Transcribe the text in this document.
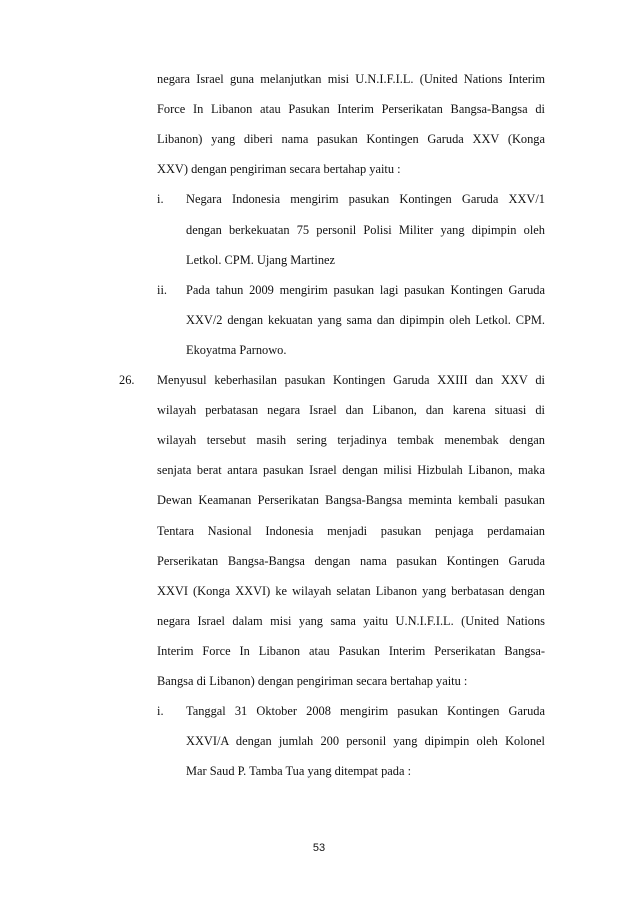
53
negara Israel guna melanjutkan misi U.N.I.F.I.L. (United Nations Interim
Force In Libanon atau Pasukan Interim Perserikatan Bangsa-Bangsa di
Libanon) yang diberi nama pasukan Kontingen Garuda XXV (Konga
XXV) dengan pengiriman secara bertahap yaitu :
i. Negara Indonesia mengirim pasukan Kontingen Garuda XXV/1
dengan berkekuatan 75 personil Polisi Militer yang dipimpin oleh
Letkol. CPM. Ujang Martinez
ii. Pada tahun 2009 mengirim pasukan lagi pasukan Kontingen Garuda
XXV/2 dengan kekuatan yang sama dan dipimpin oleh Letkol. CPM.
Ekoyatma Parnowo.
26. Menyusul keberhasilan pasukan Kontingen Garuda XXIII dan XXV di
wilayah perbatasan negara Israel dan Libanon, dan karena situasi di
wilayah tersebut masih sering terjadinya tembak menembak dengan
senjata berat antara pasukan Israel dengan milisi Hizbulah Libanon, maka
Dewan Keamanan Perserikatan Bangsa-Bangsa meminta kembali pasukan
Tentara Nasional Indonesia menjadi pasukan penjaga perdamaian
Perserikatan Bangsa-Bangsa dengan nama pasukan Kontingen Garuda
XXVI (Konga XXVI) ke wilayah selatan Libanon yang berbatasan dengan
negara Israel dalam misi yang sama yaitu U.N.I.F.I.L. (United Nations
Interim Force In Libanon atau Pasukan Interim Perserikatan Bangsa-
Bangsa di Libanon) dengan pengiriman secara bertahap yaitu :
i. Tanggal 31 Oktober 2008 mengirim pasukan Kontingen Garuda
XXVI/A dengan jumlah 200 personil yang dipimpin oleh Kolonel
Mar Saud P. Tamba Tua yang ditempat pada :
